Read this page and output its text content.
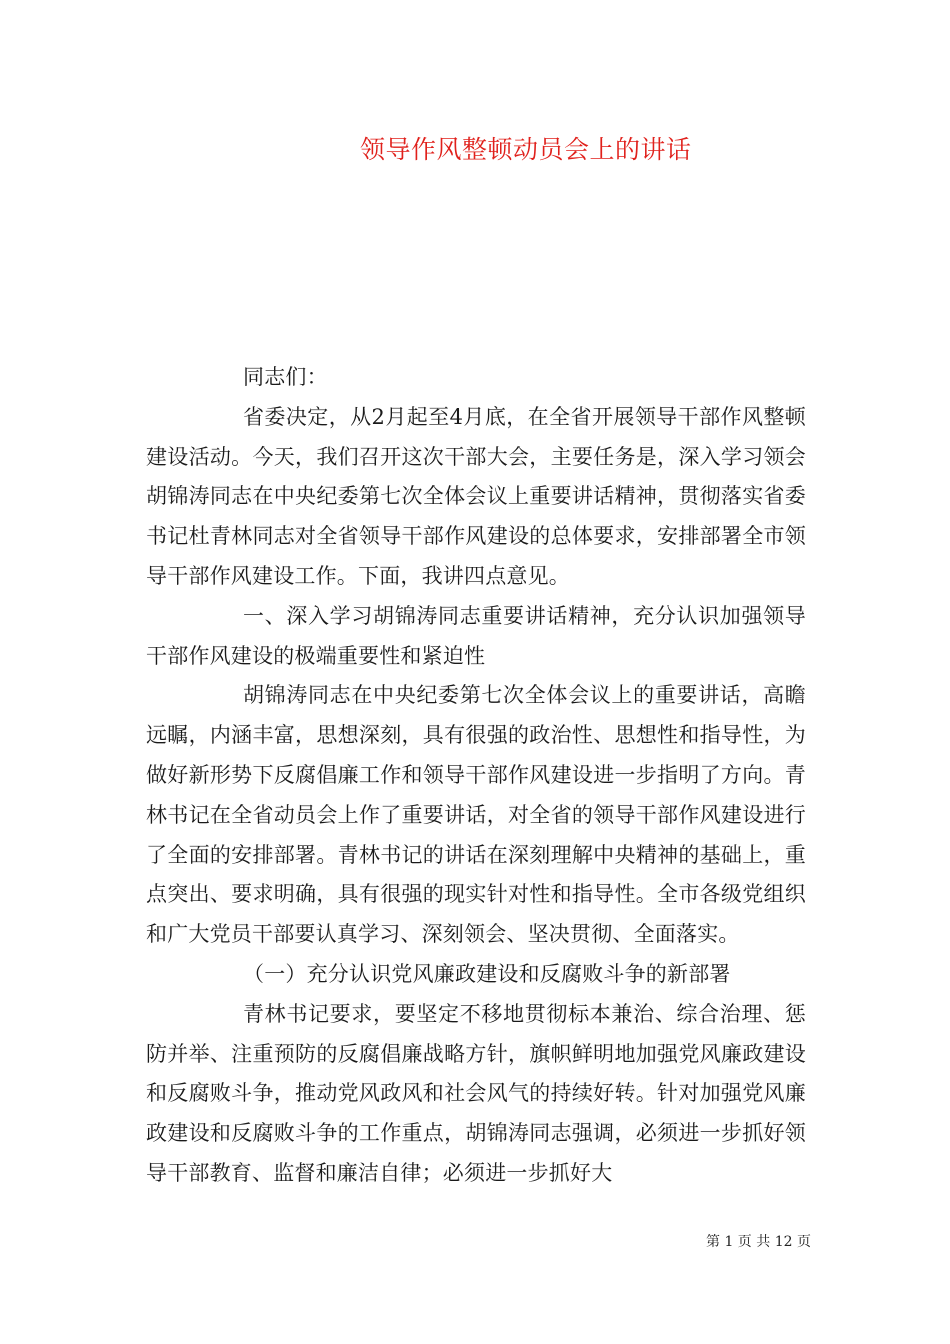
领导作风整顿动员会上的讲话

同志们：

省委决定，从2月起至4月底，在全省开展领导干部作风整顿建设活动。今天，我们召开这次干部大会，主要任务是，深入学习领会胡锦涛同志在中央纪委第七次全体会议上重要讲话精神，贯彻落实省委书记杜青林同志对全省领导干部作风建设的总体要求，安排部署全市领导干部作风建设工作。下面，我讲四点意见。

一、深入学习胡锦涛同志重要讲话精神，充分认识加强领导干部作风建设的极端重要性和紧迫性

胡锦涛同志在中央纪委第七次全体会议上的重要讲话，高瞻远瞩，内涵丰富，思想深刻，具有很强的政治性、思想性和指导性，为做好新形势下反腐倡廉工作和领导干部作风建设进一步指明了方向。青林书记在全省动员会上作了重要讲话，对全省的领导干部作风建设进行了全面的安排部署。青林书记的讲话在深刻理解中央精神的基础上，重点突出、要求明确，具有很强的现实针对性和指导性。全市各级党组织和广大党员干部要认真学习、深刻领会、坚决贯彻、全面落实。

（一）充分认识党风廉政建设和反腐败斗争的新部署

青林书记要求，要坚定不移地贯彻标本兼治、综合治理、惩防并举、注重预防的反腐倡廉战略方针，旗帜鲜明地加强党风廉政建设和反腐败斗争，推动党风政风和社会风气的持续好转。针对加强党风廉政建设和反腐败斗争的工作重点，胡锦涛同志强调，必须进一步抓好领导干部教育、监督和廉洁自律；必须进一步抓好大

第 1 页 共 12 页
